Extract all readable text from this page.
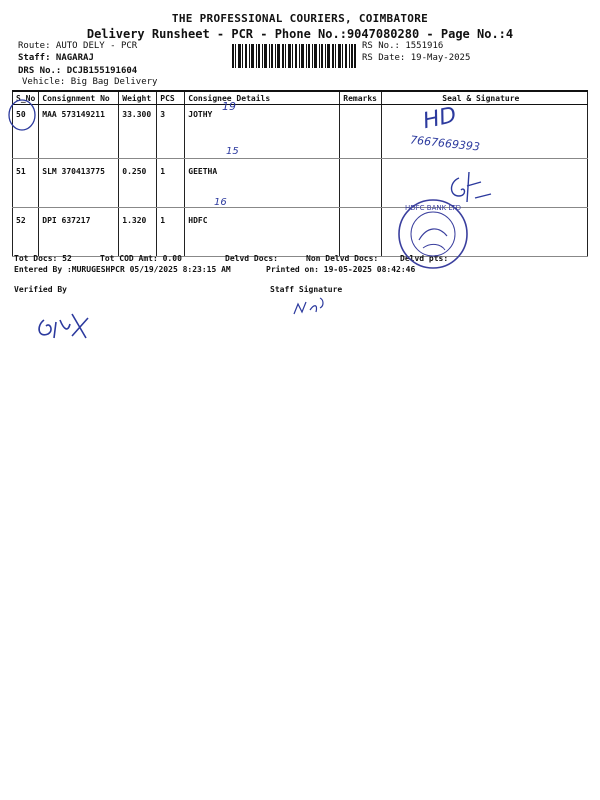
THE PROFESSIONAL COURIERS, COIMBATORE
Delivery Runsheet - PCR - Phone No.:9047080280 - Page No.:4
Route: AUTO DELY - PCR
Staff: NAGARAJ
DRS No.: DCJB155191604
Vehicle: Big Bag Delivery
RS No.: 1551916
RS Date: 19-May-2025
S_No	Consignment No	Weight	PCS	Consignee Details	Remarks	Seal & Signature
50	MAA 573149211	33.300	3	JOTHY		
51	SLM 370413775	0.250	1	GEETHA		
52	DPI 637217	1.320	1	HDFC		
Tot Docs: 52	Tot COD Amt: 0.00	Delvd Docs:	Non Delvd Docs:	Delvd pts:
Entered By :MURUGESHPCR 05/19/2025 8:23:15 AM	Printed on: 19-05-2025 08:42:46
Verified By	Staff Signature
19
15
16
HD
7667669393
HDFC BANK LTD
